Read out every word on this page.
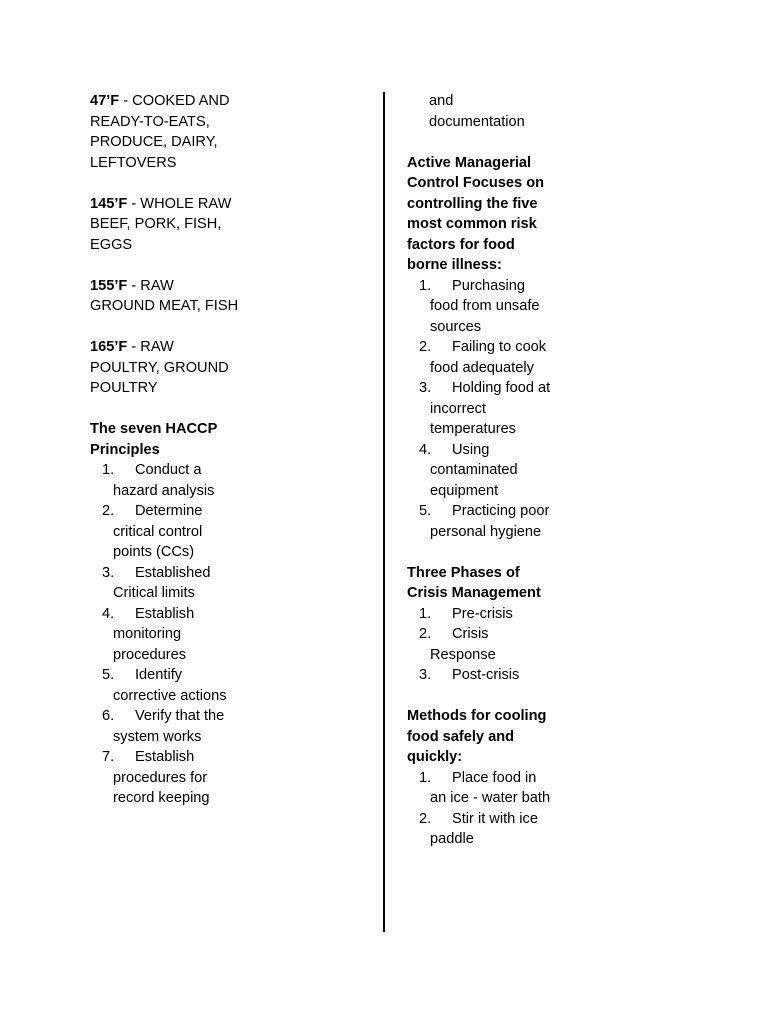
47’F - COOKED AND READY-TO-EATS, PRODUCE, DAIRY, LEFTOVERS

145’F - WHOLE RAW BEEF, PORK, FISH, EGGS

155’F - RAW GROUND MEAT, FISH

165’F - RAW POULTRY, GROUND POULTRY

The seven HACCP Principles

1. Conduct a hazard analysis
2. Determine critical control points (CCs)
3. Established Critical limits
4. Establish monitoring procedures
5. Identify corrective actions
6. Verify that the system works
7. Establish procedures for record keeping

and documentation

Active Managerial Control Focuses on controlling the five most common risk factors for food borne illness:

1. Purchasing food from unsafe sources
2. Failing to cook food adequately
3. Holding food at incorrect temperatures
4. Using contaminated equipment
5. Practicing poor personal hygiene

Three Phases of Crisis Management

1. Pre-crisis
2. Crisis Response
3. Post-crisis

Methods for cooling food safely and quickly:

1. Place food in an ice - water bath
2. Stir it with ice paddle
